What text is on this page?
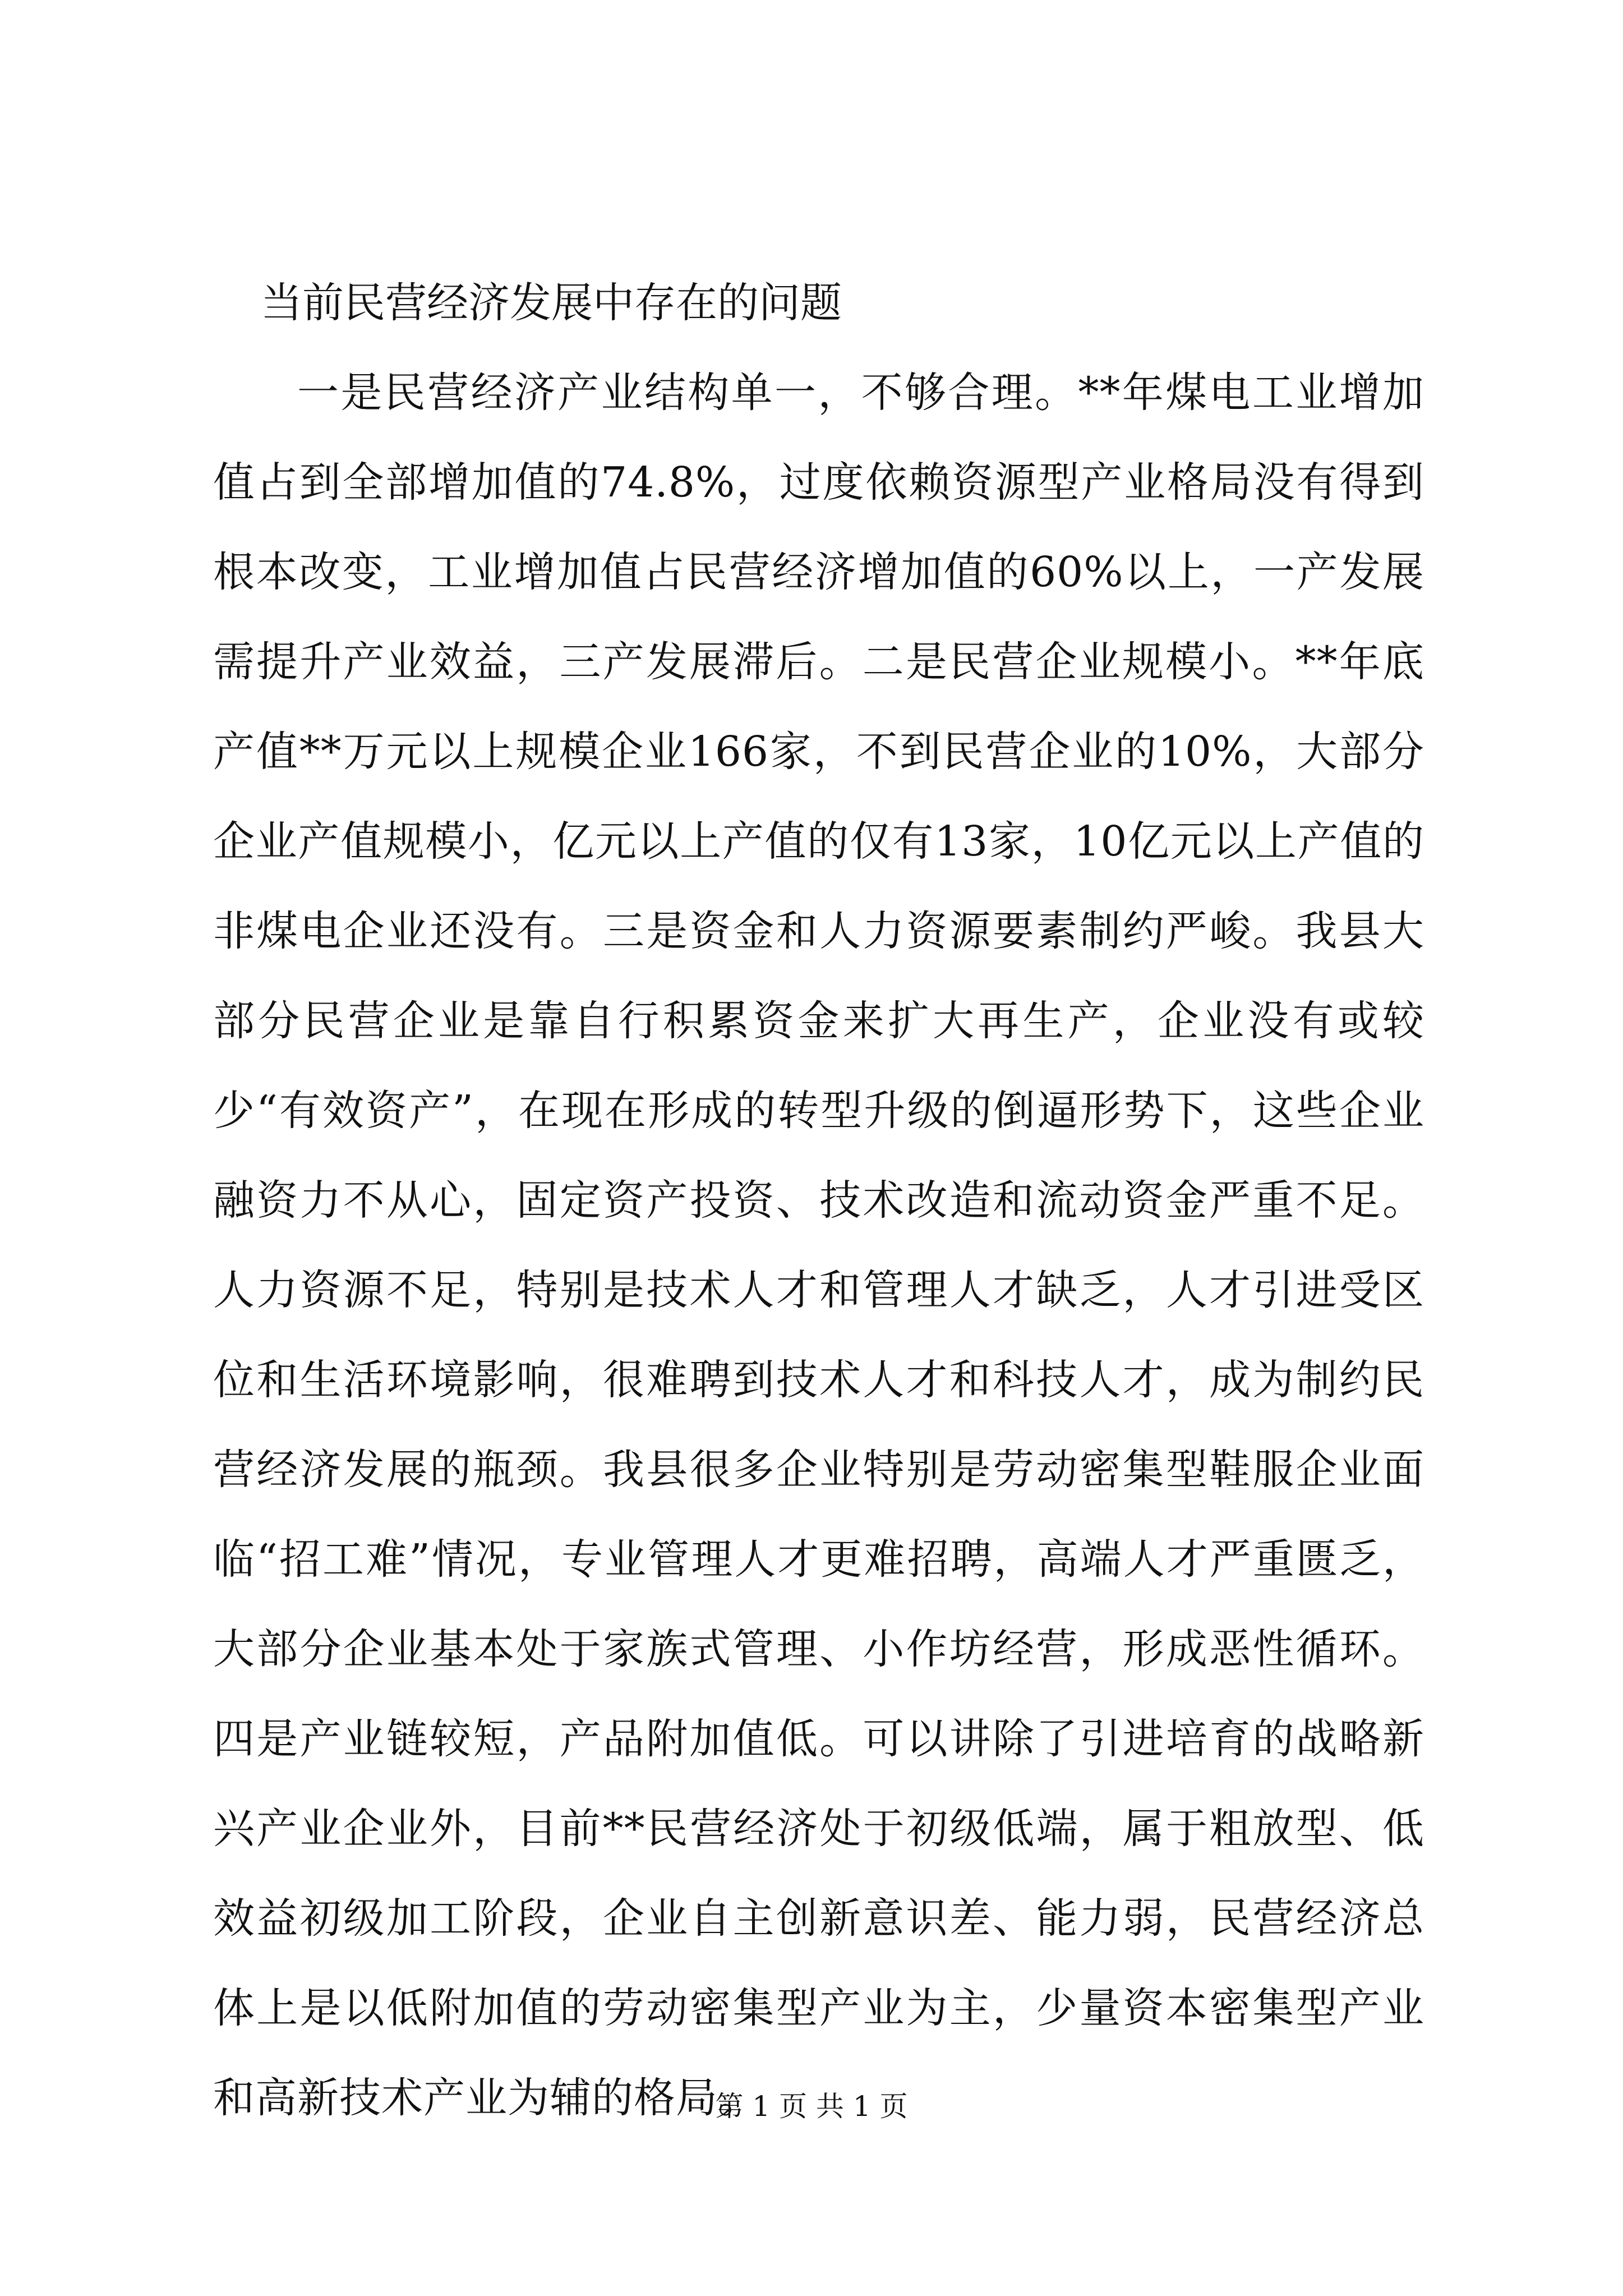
当前民营经济发展中存在的问题

一是民营经济产业结构单一，不够合理。**年煤电工业增加值占到全部增加值的74.8%，过度依赖资源型产业格局没有得到根本改变，工业增加值占民营经济增加值的60%以上，一产发展需提升产业效益，三产发展滞后。二是民营企业规模小。**年底产值**万元以上规模企业166家，不到民营企业的10%，大部分企业产值规模小，亿元以上产值的仅有13家，10亿元以上产值的非煤电企业还没有。三是资金和人力资源要素制约严峻。我县大部分民营企业是靠自行积累资金来扩大再生产，企业没有或较少“有效资产”，在现在形成的转型升级的倒逼形势下，这些企业融资力不从心，固定资产投资、技术改造和流动资金严重不足。人力资源不足，特别是技术人才和管理人才缺乏，人才引进受区位和生活环境影响，很难聘到技术人才和科技人才，成为制约民营经济发展的瓶颈。我县很多企业特别是劳动密集型鞋服企业面临“招工难”情况，专业管理人才更难招聘，高端人才严重匮乏，大部分企业基本处于家族式管理、小作坊经营，形成恶性循环。四是产业链较短，产品附加值低。可以讲除了引进培育的战略新兴产业企业外，目前**民营经济处于初级低端，属于粗放型、低效益初级加工阶段，企业自主创新意识差、能力弱，民营经济总体上是以低附加值的劳动密集型产业为主，少量资本密集型产业和高新技术产业为辅的格局。

第 1 页 共 1 页
